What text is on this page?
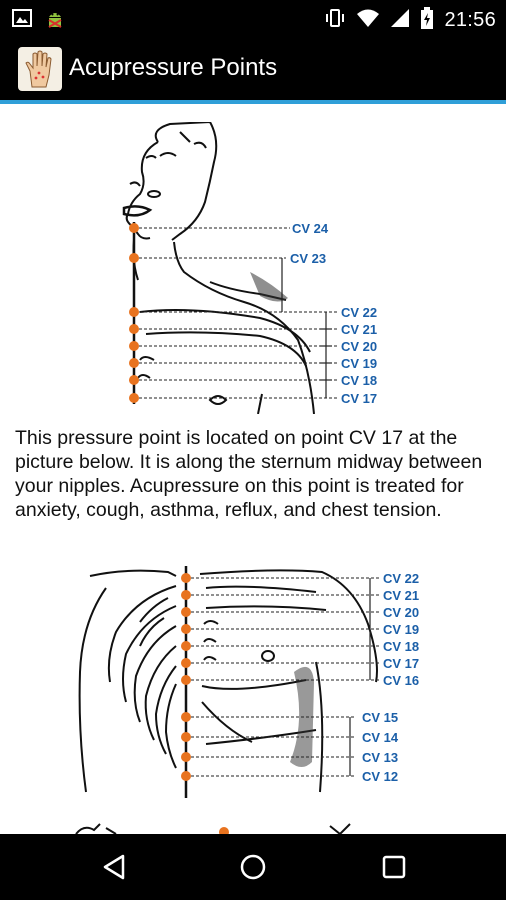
21:56
Acupressure Points
CV 24
CV 23
CV 22
CV 21
CV 20
CV 19
CV 18
CV 17

This pressure point is located on point CV 17 at the picture below. It is along the sternum midway between your nipples. Acupressure on this point is treated for anxiety, cough, asthma, reflux, and chest tension.

CV 22
CV 21
CV 20
CV 19
CV 18
CV 17
CV 16
CV 15
CV 14
CV 13
CV 12
